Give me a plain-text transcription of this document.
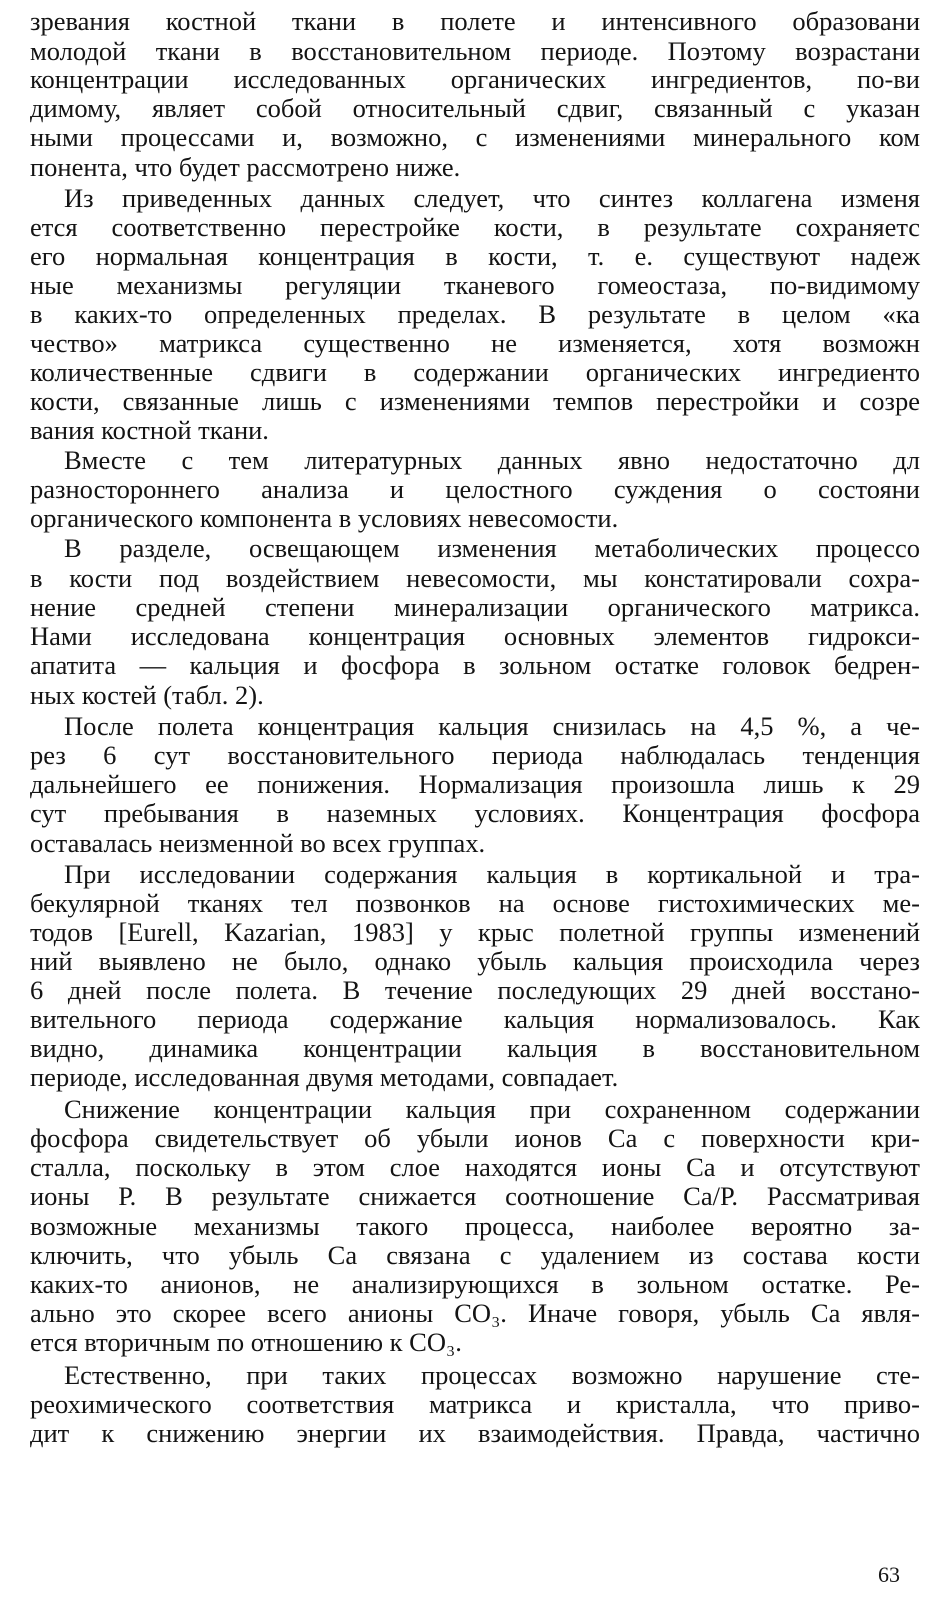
зревания костной ткани в полете и интенсивного образовани
молодой ткани в восстановительном периоде. Поэтому возрастани
концентрации исследованных органических ингредиентов, по-ви
димому, являет собой относительный сдвиг, связанный с указан
ными процессами и, возможно, с изменениями минерального ком
понента, что будет рассмотрено ниже.
Из приведенных данных следует, что синтез коллагена изменя
ется соответственно перестройке кости, в результате сохраняетс
его нормальная концентрация в кости, т. е. существуют надеж
ные механизмы регуляции тканевого гомеостаза, по-видимому
в каких-то определенных пределах. В результате в целом «ка
чество» матрикса существенно не изменяется, хотя возможн
количественные сдвиги в содержании органических ингредиенто
кости, связанные лишь с изменениями темпов перестройки и созре
вания костной ткани.
Вместе с тем литературных данных явно недостаточно дл
разностороннего анализа и целостного суждения о состояни
органического компонента в условиях невесомости.
В разделе, освещающем изменения метаболических процессо
в кости под воздействием невесомости, мы констатировали сохра-
нение средней степени минерализации органического матрикса.
Нами исследована концентрация основных элементов гидрокси-
апатита — кальция и фосфора в зольном остатке головок бедрен-
ных костей (табл. 2).
После полета концентрация кальция снизилась на 4,5 %, а че-
рез 6 сут восстановительного периода наблюдалась тенденция
дальнейшего ее понижения. Нормализация произошла лишь к 29
сут пребывания в наземных условиях. Концентрация фосфора
оставалась неизменной во всех группах.
При исследовании содержания кальция в кортикальной и тра-
бекулярной тканях тел позвонков на основе гистохимических ме-
тодов [Eurell, Kazarian, 1983] у крыс полетной группы изменений
ний выявлено не было, однако убыль кальция происходила через
6 дней после полета. В течение последующих 29 дней восстано-
вительного периода содержание кальция нормализовалось. Как
видно, динамика концентрации кальция в восстановительном
периоде, исследованная двумя методами, совпадает.
Снижение концентрации кальция при сохраненном содержании
фосфора свидетельствует об убыли ионов Са с поверхности кри-
сталла, поскольку в этом слое находятся ионы Са и отсутствуют
ионы Р. В результате снижается соотношение Са/Р. Рассматривая
возможные механизмы такого процесса, наиболее вероятно за-
ключить, что убыль Са связана с удалением из состава кости
каких-то анионов, не анализирующихся в зольном остатке. Ре-
ально это скорее всего анионы CO₃. Иначе говоря, убыль Са явля-
ется вторичным по отношению к CO₃.
Естественно, при таких процессах возможно нарушение сте-
реохимического соответствия матрикса и кристалла, что приво-
дит к снижению энергии их взаимодействия. Правда, частично
63
